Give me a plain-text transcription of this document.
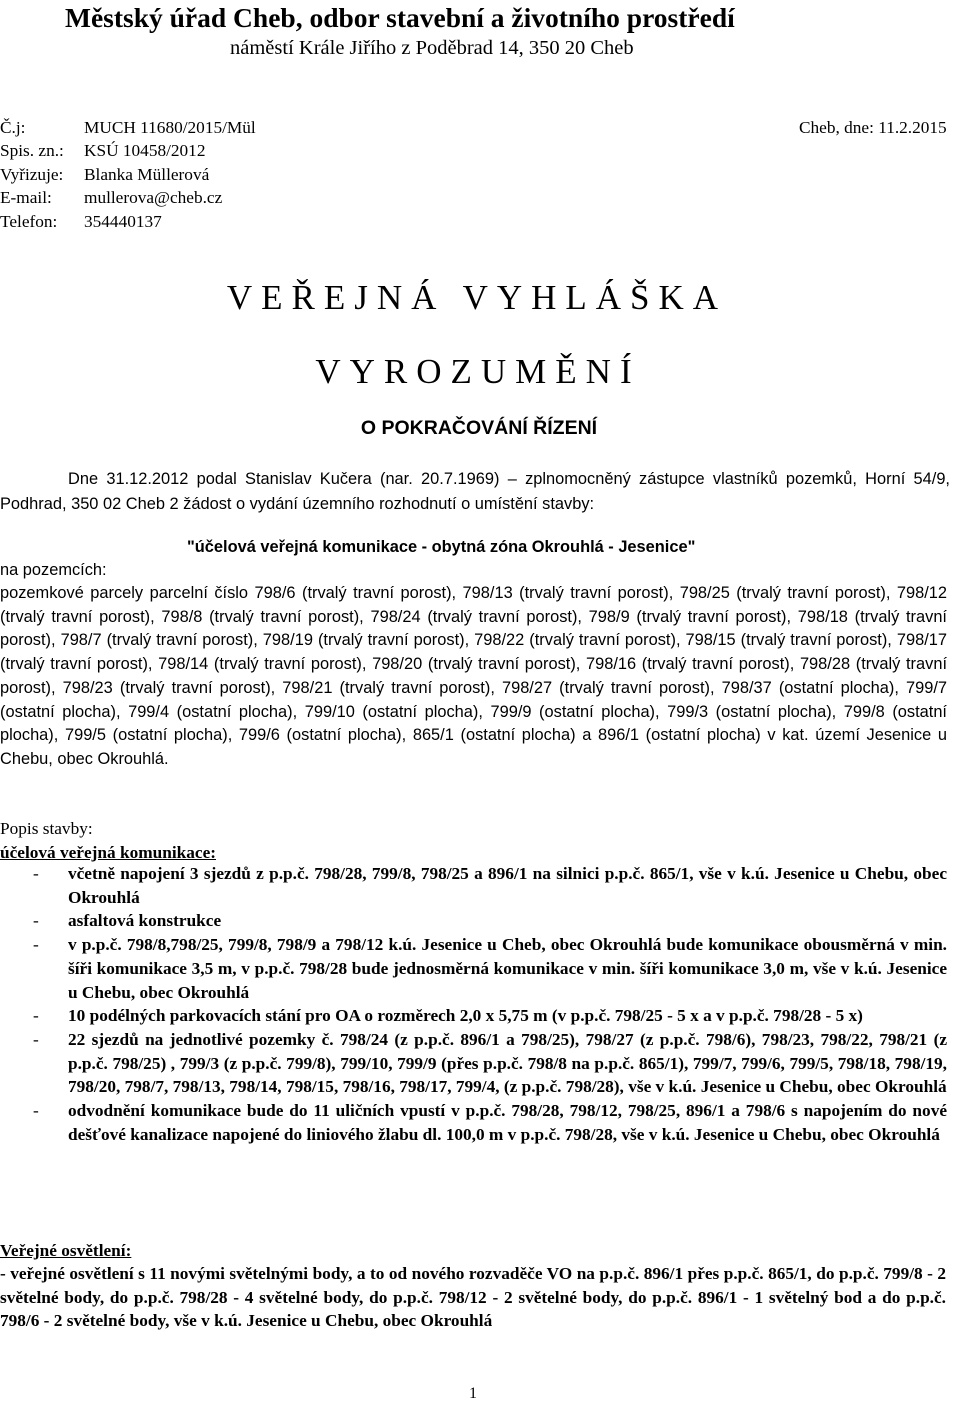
Městský úřad Cheb, odbor stavební a životního prostředí
náměstí Krále Jiřího z Poděbrad 14, 350 20 Cheb
Č.j:	MUCH 11680/2015/Mül
Spis. zn.: KSÚ 10458/2012
Vyřizuje: Blanka Müllerová
E-mail: mullerova@cheb.cz
Telefon: 354440137
Cheb, dne: 11.2.2015
VEŘEJNÁ VYHLÁŠKA
VYROZUMĚNÍ
O POKRAČOVÁNÍ ŘÍZENÍ
Dne 31.12.2012 podal Stanislav Kučera (nar. 20.7.1969) – zplnomocněný zástupce vlastníků pozemků, Horní 54/9, Podhrad, 350 02 Cheb 2 žádost o vydání územního rozhodnutí o umístění stavby:
"účelová veřejná komunikace - obytná zóna Okrouhlá - Jesenice"
na pozemcích:
pozemkové parcely parcelní číslo 798/6 (trvalý travní porost), 798/13 (trvalý travní porost), 798/25 (trvalý travní porost), 798/12 (trvalý travní porost), 798/8 (trvalý travní porost), 798/24 (trvalý travní porost), 798/9 (trvalý travní porost), 798/18 (trvalý travní porost), 798/7 (trvalý travní porost), 798/19 (trvalý travní porost), 798/22 (trvalý travní porost), 798/15 (trvalý travní porost), 798/17 (trvalý travní porost), 798/14 (trvalý travní porost), 798/20 (trvalý travní porost), 798/16 (trvalý travní porost), 798/28 (trvalý travní porost), 798/23 (trvalý travní porost), 798/21 (trvalý travní porost), 798/27 (trvalý travní porost), 798/37 (ostatní plocha), 799/7 (ostatní plocha), 799/4 (ostatní plocha), 799/10 (ostatní plocha), 799/9 (ostatní plocha), 799/3 (ostatní plocha), 799/8 (ostatní plocha), 799/5 (ostatní plocha), 799/6 (ostatní plocha), 865/1 (ostatní plocha) a 896/1 (ostatní plocha) v kat. území Jesenice u Chebu, obec Okrouhlá.
Popis stavby:
účelová veřejná komunikace:
- včetně napojení 3 sjezdů z p.p.č. 798/28, 799/8, 798/25 a 896/1 na silnici p.p.č. 865/1, vše v k.ú. Jesenice u Chebu, obec Okrouhlá
- asfaltová konstrukce
- v p.p.č. 798/8,798/25, 799/8, 798/9 a 798/12 k.ú. Jesenice u Cheb, obec Okrouhlá bude komunikace obousměrná v min. šíři komunikace 3,5 m, v p.p.č. 798/28 bude jednosměrná komunikace v min. šíři komunikace 3,0 m, vše v k.ú. Jesenice u Chebu, obec Okrouhlá
- 10 podélných parkovacích stání pro OA o rozměrech 2,0 x 5,75 m (v p.p.č. 798/25 - 5 x a v p.p.č. 798/28 - 5 x)
- 22 sjezdů na jednotlivé pozemky č. 798/24 (z p.p.č. 896/1 a 798/25), 798/27 (z p.p.č. 798/6), 798/23, 798/22, 798/21 (z p.p.č. 798/25) , 799/3 (z p.p.č. 799/8), 799/10, 799/9 (přes p.p.č. 798/8 na p.p.č. 865/1), 799/7, 799/6, 799/5, 798/18, 798/19, 798/20, 798/7, 798/13, 798/14, 798/15, 798/16, 798/17, 799/4, (z p.p.č. 798/28), vše v k.ú. Jesenice u Chebu, obec Okrouhlá
- odvodnění komunikace bude do 11 uličních vpustí v p.p.č. 798/28, 798/12, 798/25, 896/1 a 798/6 s napojením do nové dešťové kanalizace napojené do liniového žlabu dl. 100,0 m v p.p.č. 798/28, vše v k.ú. Jesenice u Chebu, obec Okrouhlá
Veřejné osvětlení:
- veřejné osvětlení s 11 novými světelnými body, a to od nového rozvaděče VO na p.p.č. 896/1 přes p.p.č. 865/1, do p.p.č. 799/8 - 2 světelné body, do p.p.č. 798/28 - 4 světelné body, do p.p.č. 798/12 - 2 světelné body, do p.p.č. 896/1 - 1 světelný bod a do p.p.č. 798/6 - 2 světelné body, vše v k.ú. Jesenice u Chebu, obec Okrouhlá
1
